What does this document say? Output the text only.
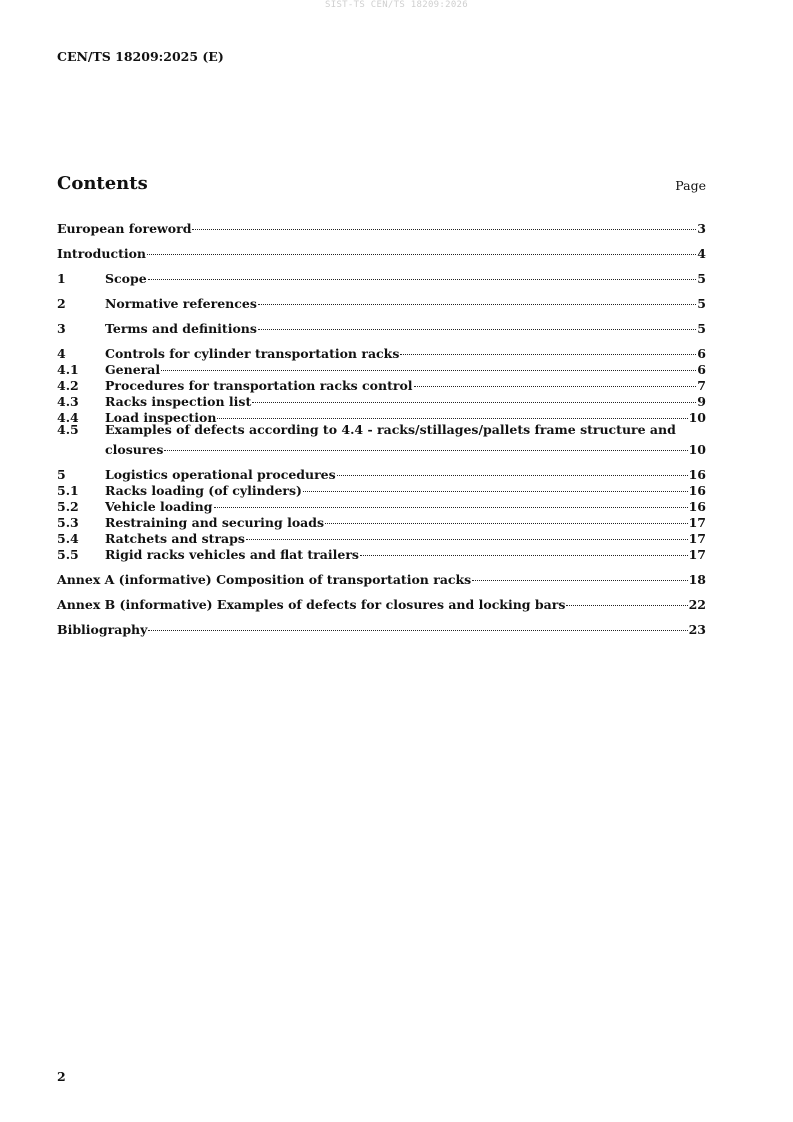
SIST-TS CEN/TS 18209:2026
CEN/TS 18209:2025 (E)
Contents	Page
European foreword	3
Introduction	4
1	Scope	5
2	Normative references	5
3	Terms and definitions	5
4	Controls for cylinder transportation racks	6
4.1	General	6
4.2	Procedures for transportation racks control	7
4.3	Racks inspection list	9
4.4	Load inspection	10
4.5	Examples of defects according to 4.4 - racks/stillages/pallets frame structure and
closures	10
5	Logistics operational procedures	16
5.1	Racks loading (of cylinders)	16
5.2	Vehicle loading	16
5.3	Restraining and securing loads	17
5.4	Ratchets and straps	17
5.5	Rigid racks vehicles and flat trailers	17
Annex A (informative) Composition of transportation racks	18
Annex B (informative) Examples of defects for closures and locking bars	22
Bibliography	23
2
